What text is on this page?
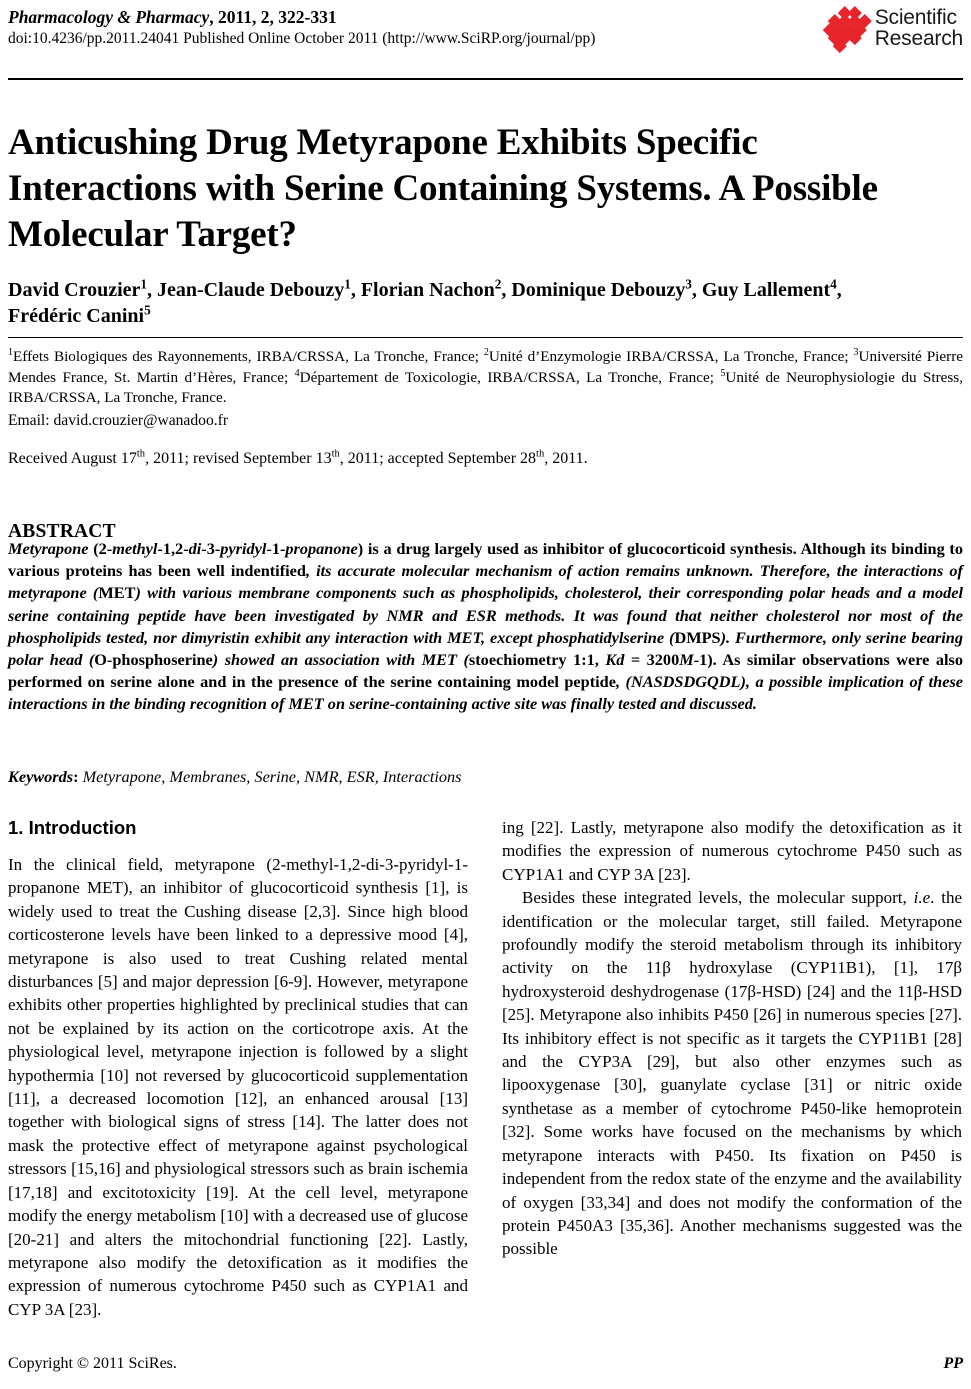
Pharmacology & Pharmacy, 2011, 2, 322-331
doi:10.4236/pp.2011.24041 Published Online October 2011 (http://www.SciRP.org/journal/pp)
Scientific
Research
Anticushing Drug Metyrapone Exhibits Specific Interactions with Serine Containing Systems. A Possible Molecular Target?
David Crouzier$^1$, Jean-Claude Debouzy$^1$, Florian Nachon$^2$, Dominique Debouzy$^3$, Guy Lallement$^4$,
Frédéric Canini$^5$
$^1$Effets Biologiques des Rayonnements, IRBA/CRSSA, La Tronche, France; $^2$Unité d’Enzymologie IRBA/CRSSA, La Tronche, France; $^3$Université Pierre Mendes France, St. Martin d’Hères, France; $^4$Département de Toxicologie, IRBA/CRSSA, La Tronche, France; $^5$Unité de Neurophysiologie du Stress, IRBA/CRSSA, La Tronche, France.
Email: david.crouzier@wanadoo.fr
Received August 17th, 2011; revised September 13th, 2011; accepted September 28th, 2011.
ABSTRACT
Metyrapone (2-methyl-1,2-di-3-pyridyl-1-propanone) is a drug largely used as inhibitor of glucocorticoid synthesis. Although its binding to various proteins has been well indentified, its accurate molecular mechanism of action remains unknown. Therefore, the interactions of metyrapone (MET) with various membrane components such as phospholipids, cholesterol, their corresponding polar heads and a model serine containing peptide have been investigated by NMR and ESR methods. It was found that neither cholesterol nor most of the phospholipids tested, nor dimyristin exhibit any interaction with MET, except phosphatidylserine (DMPS). Furthermore, only serine bearing polar head (O-phosphoserine) showed an association with MET (stoechiometry 1:1, Kd = 3200M-1). As similar observations were also performed on serine alone and in the presence of the serine containing model peptide, (NASDSDGQDL), a possible implication of these interactions in the binding recognition of MET on serine-containing active site was finally tested and discussed.
Keywords: Metyrapone, Membranes, Serine, NMR, ESR, Interactions
1. Introduction

In the clinical field, metyrapone (2-methyl-1,2-di-3-pyridyl-1-propanone MET), an inhibitor of glucocorticoid synthesis [1], is widely used to treat the Cushing disease [2,3]. Since high blood corticosterone levels have been linked to a depressive mood [4], metyrapone is also used to treat Cushing related mental disturbances [5] and major depression [6-9]. However, metyrapone exhibits other properties highlighted by preclinical studies that can not be explained by its action on the corticotrope axis. At the physiological level, metyrapone injection is followed by a slight hypothermia [10] not reversed by glucocorticoid supplementation [11], a decreased locomotion [12], an enhanced arousal [13] together with biological signs of stress [14]. The latter does not mask the protective effect of metyrapone against psychological stressors [15,16] and physiological stressors such as brain ischemia [17,18] and excitotoxicity [19]. At the cell level, metyrapone modify the energy metabolism [10] with a decreased use of glucose [20-21] and alters the mitochondrial functioning [22]. Lastly, metyrapone also modify the detoxification as it modifies the expression of numerous cytochrome P450 such as CYP1A1 and CYP 3A [23].

ing [22]. Lastly, metyrapone also modify the detoxification as it modifies the expression of numerous cytochrome P450 such as CYP1A1 and CYP 3A [23].

Besides these integrated levels, the molecular support, i.e. the identification or the molecular target, still failed. Metyrapone profoundly modify the steroid metabolism through its inhibitory activity on the 11β hydroxylase (CYP11B1), [1], 17β hydroxysteroid deshydrogenase (17β-HSD) [24] and the 11β-HSD [25]. Metyrapone also inhibits P450 [26] in numerous species [27]. Its inhibitory effect is not specific as it targets the CYP11B1 [28] and the CYP3A [29], but also other enzymes such as lipooxygenase [30], guanylate cyclase [31] or nitric oxide synthetase as a member of cytochrome P450-like hemoprotein [32]. Some works have focused on the mechanisms by which metyrapone interacts with P450. Its fixation on P450 is independent from the redox state of the enzyme and the availability of oxygen [33,34] and does not modify the conformation of the protein P450A3 [35,36]. Another mechanisms suggested was the possible

Copyright © 2011 SciRes.	PP
